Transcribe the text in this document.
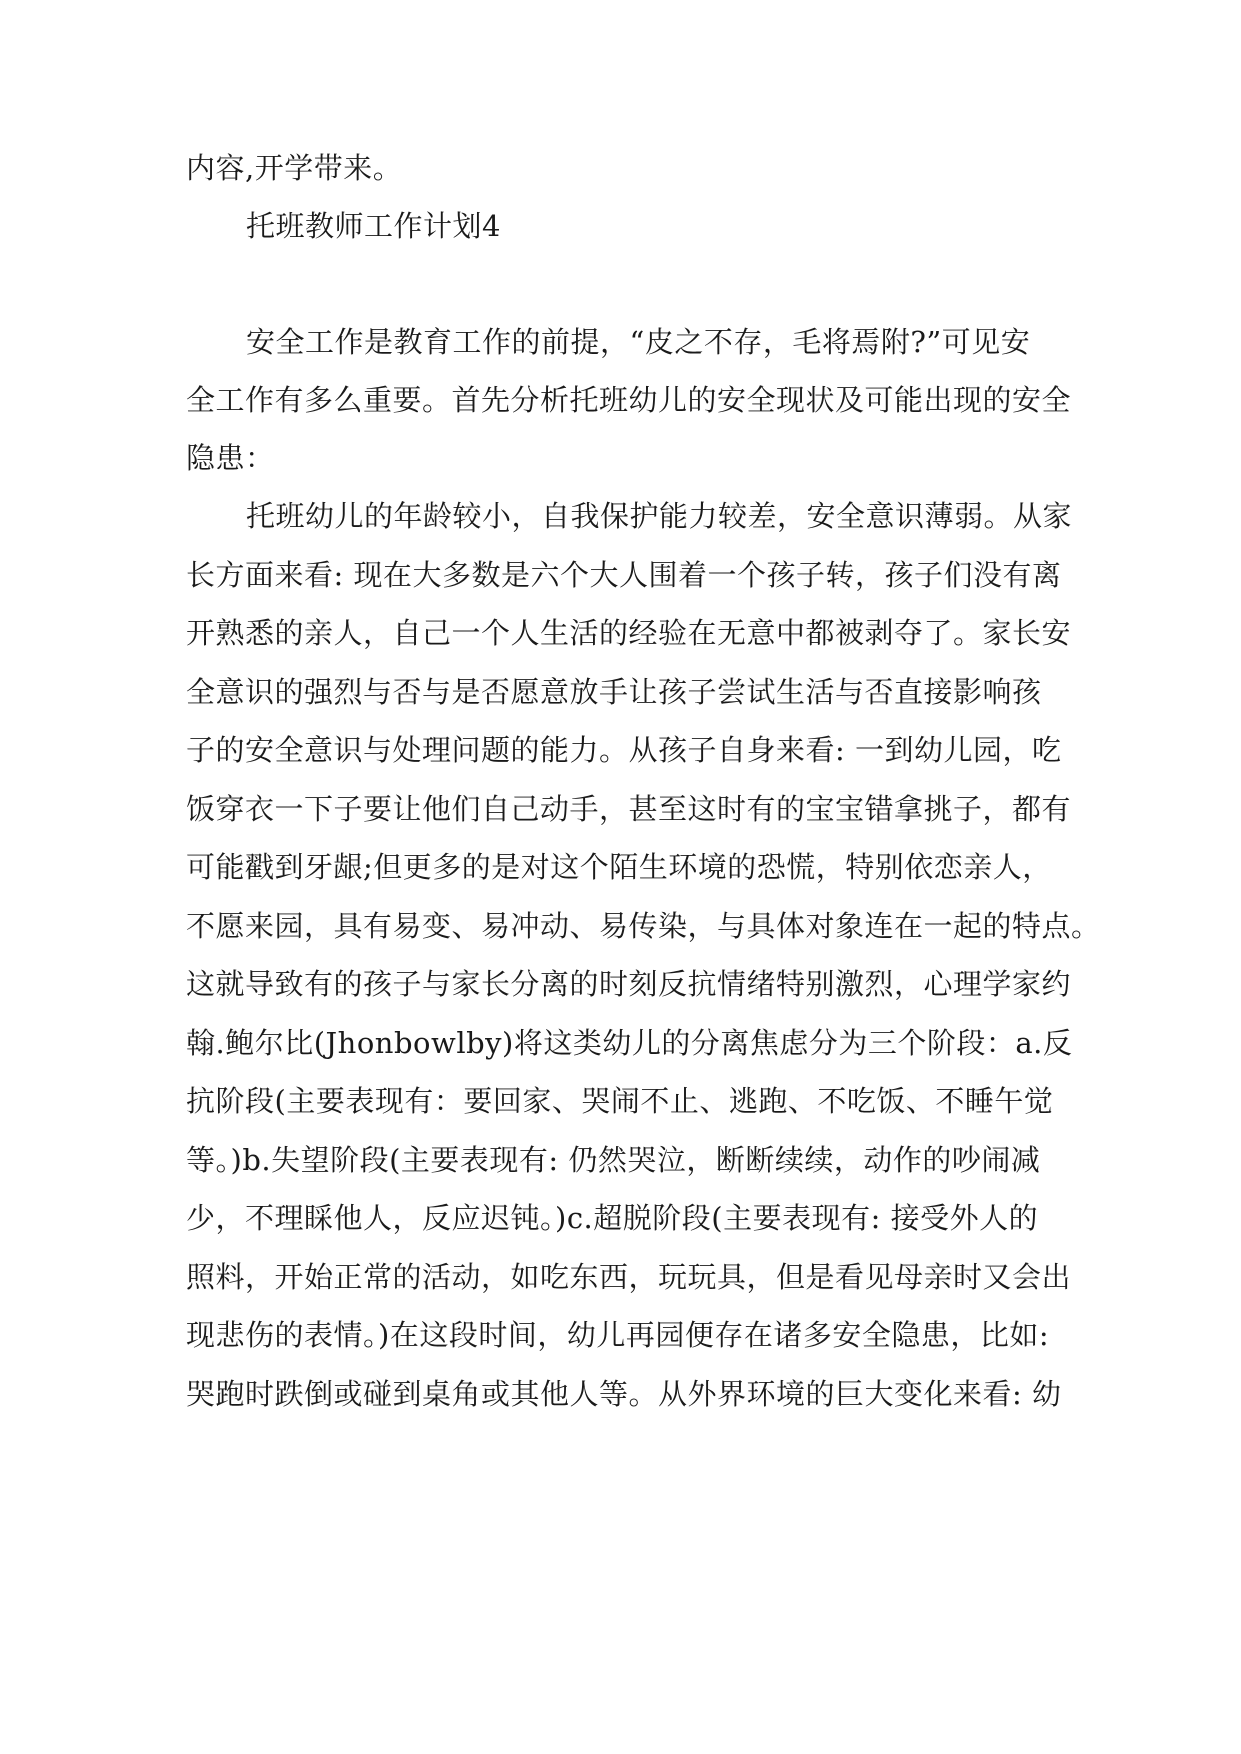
内容,开学带来。
托班教师工作计划4
安全工作是教育工作的前提，“皮之不存，毛将焉附?”可见安
全工作有多么重要。首先分析托班幼儿的安全现状及可能出现的安全
隐患：
托班幼儿的年龄较小，自我保护能力较差，安全意识薄弱。从家
长方面来看: 现在大多数是六个大人围着一个孩子转，孩子们没有离
开熟悉的亲人，自己一个人生活的经验在无意中都被剥夺了。家长安
全意识的强烈与否与是否愿意放手让孩子尝试生活与否直接影响孩
子的安全意识与处理问题的能力。从孩子自身来看: 一到幼儿园，吃
饭穿衣一下子要让他们自己动手，甚至这时有的宝宝错拿挑子，都有
可能戳到牙龈;但更多的是对这个陌生环境的恐慌，特别依恋亲人，
不愿来园，具有易变、易冲动、易传染，与具体对象连在一起的特点。
这就导致有的孩子与家长分离的时刻反抗情绪特别激烈，心理学家约
翰.鲍尔比(Jhonbowlby)将这类幼儿的分离焦虑分为三个阶段：a.反
抗阶段(主要表现有：要回家、哭闹不止、逃跑、不吃饭、不睡午觉
等。)b.失望阶段(主要表现有: 仍然哭泣，断断续续，动作的吵闹减
少，不理睬他人，反应迟钝。)c.超脱阶段(主要表现有: 接受外人的
照料，开始正常的活动，如吃东西，玩玩具，但是看见母亲时又会出
现悲伤的表情。)在这段时间，幼儿再园便存在诸多安全隐患，比如:
哭跑时跌倒或碰到桌角或其他人等。从外界环境的巨大变化来看: 幼
